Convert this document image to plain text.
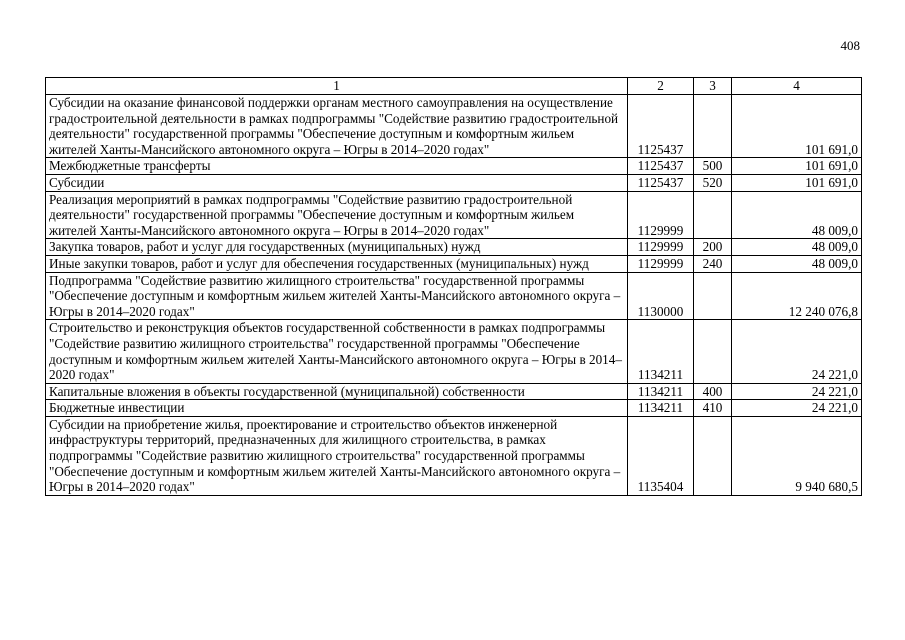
408
1	2	3	4
Субсидии на оказание финансовой поддержки органам местного самоуправления на осуществление градостроительной деятельности в рамках подпрограммы "Содействие развитию градостроительной деятельности" государственной программы "Обеспечение доступным и комфортным жильем жителей Ханты-Мансийского автономного округа – Югры в 2014–2020 годах"	1125437		101 691,0
Межбюджетные трансферты	1125437	500	101 691,0
Субсидии	1125437	520	101 691,0
Реализация мероприятий в рамках подпрограммы "Содействие развитию градостроительной деятельности" государственной программы "Обеспечение доступным и комфортным жильем жителей Ханты-Мансийского автономного округа – Югры в 2014–2020 годах"	1129999		48 009,0
Закупка товаров, работ и услуг для государственных (муниципальных) нужд	1129999	200	48 009,0
Иные закупки товаров, работ и услуг для обеспечения государственных (муниципальных) нужд	1129999	240	48 009,0
Подпрограмма "Содействие развитию жилищного строительства" государственной программы "Обеспечение доступным и комфортным жильем жителей Ханты-Мансийского автономного округа – Югры в 2014–2020 годах"	1130000		12 240 076,8
Строительство и реконструкция объектов государственной собственности в рамках подпрограммы "Содействие развитию жилищного строительства" государственной программы "Обеспечение доступным и комфортным жильем жителей Ханты-Мансийского автономного округа – Югры в 2014–2020 годах"	1134211		24 221,0
Капитальные вложения в объекты государственной (муниципальной) собственности	1134211	400	24 221,0
Бюджетные инвестиции	1134211	410	24 221,0
Субсидии на приобретение жилья, проектирование и строительство объектов инженерной инфраструктуры территорий, предназначенных для жилищного строительства, в рамках подпрограммы "Содействие развитию жилищного строительства" государственной программы "Обеспечение доступным и комфортным жильем жителей Ханты-Мансийского автономного округа – Югры в 2014–2020 годах"	1135404		9 940 680,5
